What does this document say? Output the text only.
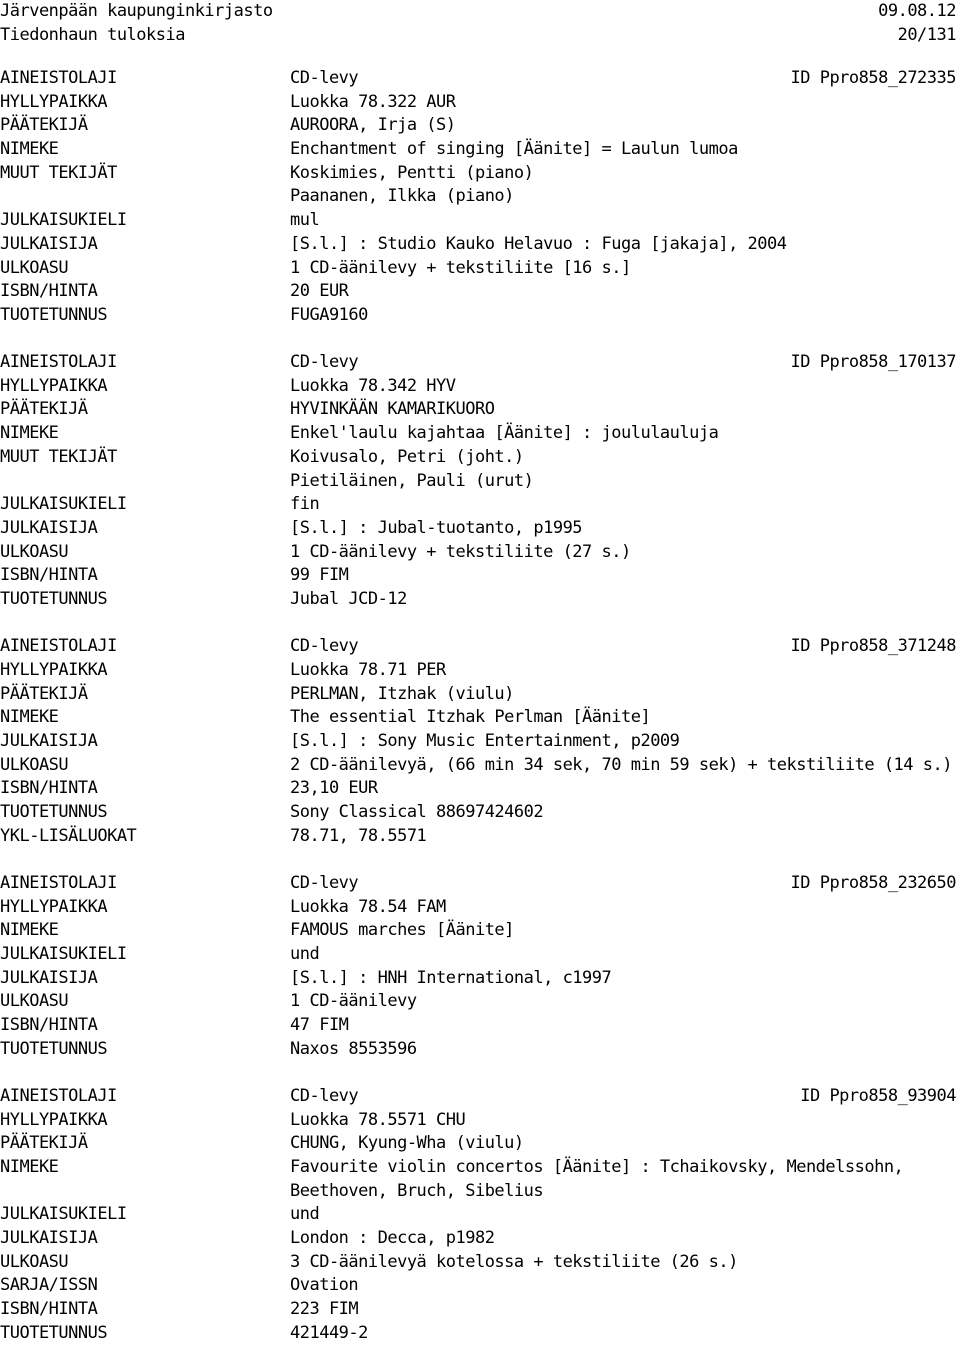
Järvenpään kaupunginkirjasto	09.08.12
Tiedonhaun tuloksia	20/131
AINEISTOLAJI	CD-levy	ID Ppro858_272335
HYLLYPAIKKA	Luokka 78.322 AUR
PÄÄTEKIJÄ	AUROORA, Irja (S)
NIMEKE	Enchantment of singing [Äänite] = Laulun lumoa
MUUT TEKIJÄT	Koskimies, Pentti (piano)
Paananen, Ilkka (piano)
JULKAISUKIELI	mul
JULKAISIJA	[S.l.] : Studio Kauko Helavuo : Fuga [jakaja], 2004
ULKOASU	1 CD-äänilevy + tekstiliite [16 s.]
ISBN/HINTA	20 EUR
TUOTETUNNUS	FUGA9160
AINEISTOLAJI	CD-levy	ID Ppro858_170137
HYLLYPAIKKA	Luokka 78.342 HYV
PÄÄTEKIJÄ	HYVINKÄÄN KAMARIKUORO
NIMEKE	Enkel'laulu kajahtaa [Äänite] : joululauluja
MUUT TEKIJÄT	Koivusalo, Petri (joht.)
Pietiläinen, Pauli (urut)
JULKAISUKIELI	fin
JULKAISIJA	[S.l.] : Jubal-tuotanto, p1995
ULKOASU	1 CD-äänilevy + tekstiliite (27 s.)
ISBN/HINTA	99 FIM
TUOTETUNNUS	Jubal JCD-12
AINEISTOLAJI	CD-levy	ID Ppro858_371248
HYLLYPAIKKA	Luokka 78.71 PER
PÄÄTEKIJÄ	PERLMAN, Itzhak (viulu)
NIMEKE	The essential Itzhak Perlman [Äänite]
JULKAISIJA	[S.l.] : Sony Music Entertainment, p2009
ULKOASU	2 CD-äänilevyä, (66 min 34 sek, 70 min 59 sek) + tekstiliite (14 s.)
ISBN/HINTA	23,10 EUR
TUOTETUNNUS	Sony Classical 88697424602
YKL-LISÄLUOKAT	78.71, 78.5571
AINEISTOLAJI	CD-levy	ID Ppro858_232650
HYLLYPAIKKA	Luokka 78.54 FAM
NIMEKE	FAMOUS marches [Äänite]
JULKAISUKIELI	und
JULKAISIJA	[S.l.] : HNH International, c1997
ULKOASU	1 CD-äänilevy
ISBN/HINTA	47 FIM
TUOTETUNNUS	Naxos 8553596
AINEISTOLAJI	CD-levy	ID Ppro858_93904
HYLLYPAIKKA	Luokka 78.5571 CHU
PÄÄTEKIJÄ	CHUNG, Kyung-Wha (viulu)
NIMEKE	Favourite violin concertos [Äänite] : Tchaikovsky, Mendelssohn,
Beethoven, Bruch, Sibelius
JULKAISUKIELI	und
JULKAISIJA	London : Decca, p1982
ULKOASU	3 CD-äänilevyä kotelossa + tekstiliite (26 s.)
SARJA/ISSN	Ovation
ISBN/HINTA	223 FIM
TUOTETUNNUS	421449-2
